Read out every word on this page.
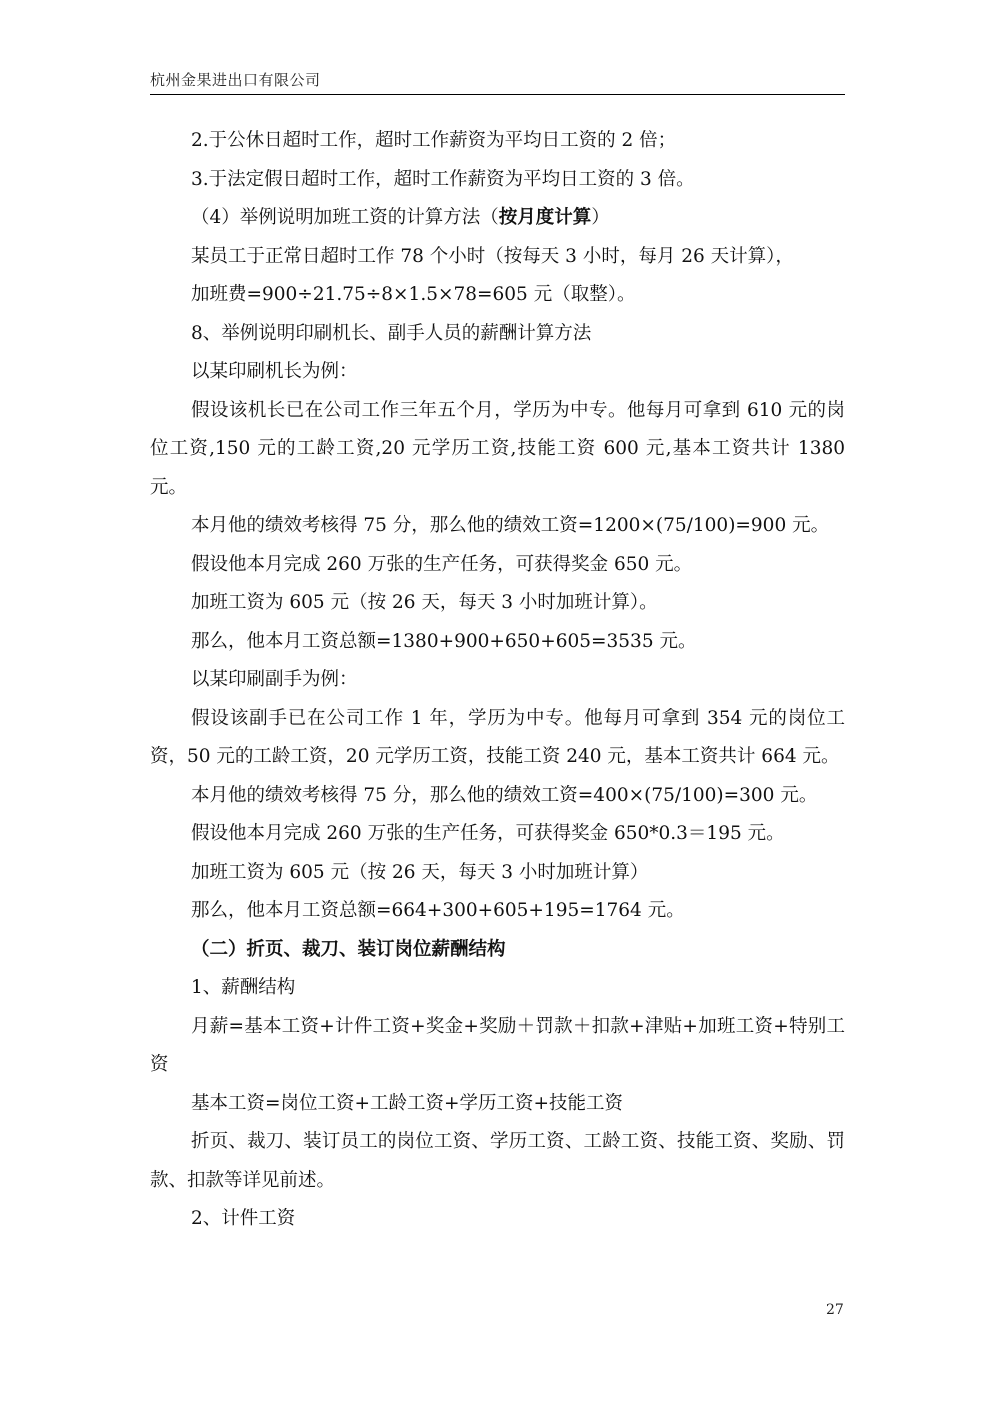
杭州金果进出口有限公司

2.于公休日超时工作，超时工作薪资为平均日工资的 2 倍；

3.于法定假日超时工作，超时工作薪资为平均日工资的 3 倍。

（4）举例说明加班工资的计算方法（按月度计算）

某员工于正常日超时工作 78 个小时（按每天 3 小时，每月 26 天计算），

加班费=900÷21.75÷8×1.5×78=605 元（取整）。

8、举例说明印刷机长、副手人员的薪酬计算方法

以某印刷机长为例：

假设该机长已在公司工作三年五个月，学历为中专。他每月可拿到 610 元的岗位工资,150 元的工龄工资,20 元学历工资,技能工资 600 元,基本工资共计 1380 元。

本月他的绩效考核得 75 分，那么他的绩效工资=1200×(75/100)=900 元。

假设他本月完成 260 万张的生产任务，可获得奖金 650 元。

加班工资为 605 元（按 26 天，每天 3 小时加班计算）。

那么，他本月工资总额=1380+900+650+605=3535 元。

以某印刷副手为例：

假设该副手已在公司工作 1 年，学历为中专。他每月可拿到 354 元的岗位工资，50 元的工龄工资，20 元学历工资，技能工资 240 元，基本工资共计 664 元。

本月他的绩效考核得 75 分，那么他的绩效工资=400×(75/100)=300 元。

假设他本月完成 260 万张的生产任务，可获得奖金 650*0.3＝195 元。

加班工资为 605 元（按 26 天，每天 3 小时加班计算）

那么，他本月工资总额=664+300+605+195=1764 元。

（二）折页、裁刀、装订岗位薪酬结构

1、薪酬结构

月薪=基本工资+计件工资+奖金+奖励＋罚款＋扣款+津贴+加班工资+特别工资

基本工资=岗位工资+工龄工资+学历工资+技能工资

折页、裁刀、装订员工的岗位工资、学历工资、工龄工资、技能工资、奖励、罚款、扣款等详见前述。

2、计件工资

27
